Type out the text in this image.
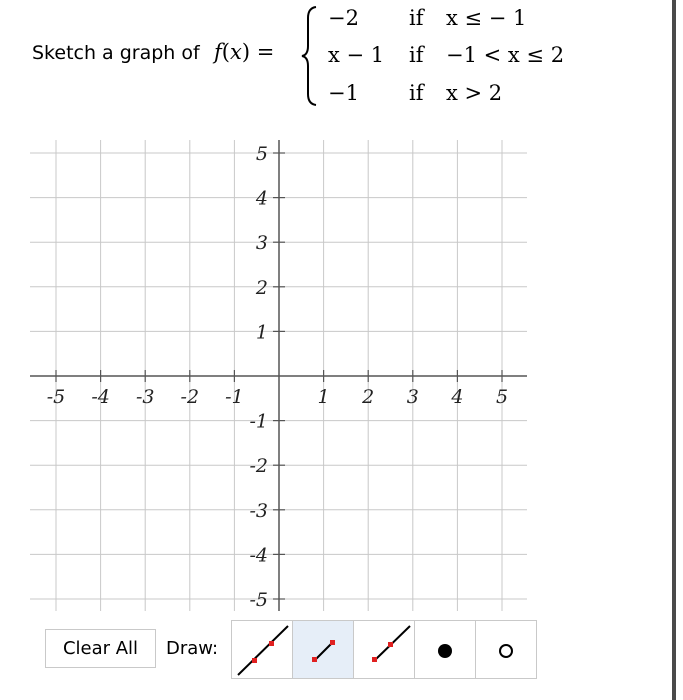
Sketch a graph of f(x) =
−2 if x ≤ − 1
x − 1 if −1 < x ≤ 2
−1 if x > 2
-5 -4 -3 -2 -1	1 2 3 4 5
5
4
3
2
1
-1
-2
-3
-4
-5
Clear All	Draw:
